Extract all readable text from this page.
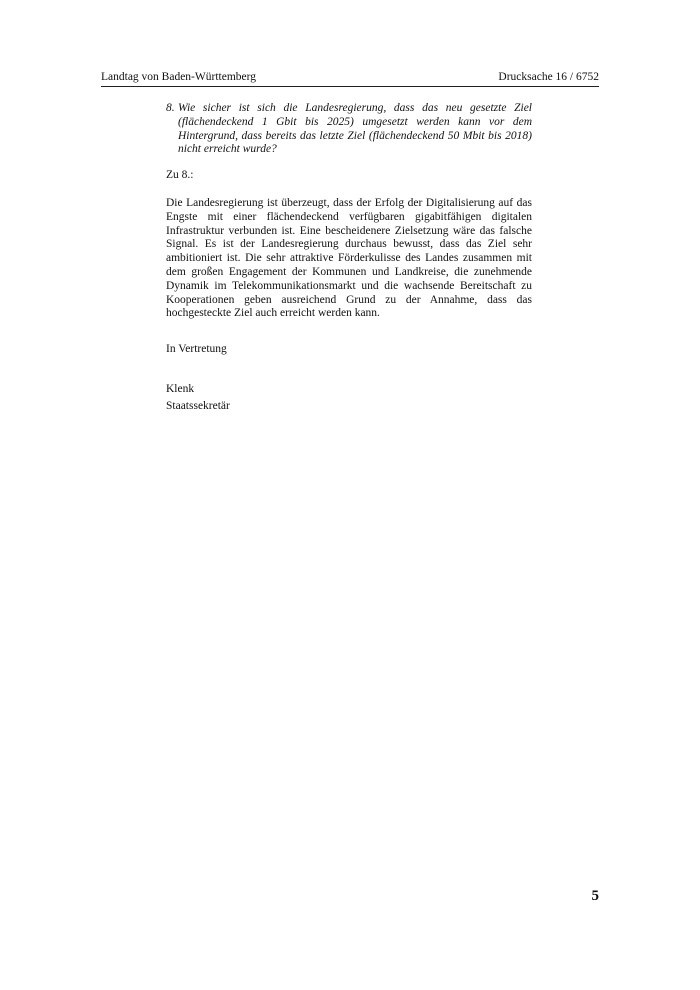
Landtag von Baden-Württemberg	Drucksache 16 / 6752
8. Wie sicher ist sich die Landesregierung, dass das neu gesetzte Ziel (flächendeckend 1 Gbit bis 2025) umgesetzt werden kann vor dem Hintergrund, dass bereits das letzte Ziel (flächendeckend 50 Mbit bis 2018) nicht erreicht wurde?
Zu 8.:
Die Landesregierung ist überzeugt, dass der Erfolg der Digitalisierung auf das Engste mit einer flächendeckend verfügbaren gigabitfähigen digitalen Infrastruktur verbunden ist. Eine bescheidenere Zielsetzung wäre das falsche Signal. Es ist der Landesregierung durchaus bewusst, dass das Ziel sehr ambitioniert ist. Die sehr attraktive Förderkulisse des Landes zusammen mit dem großen Engagement der Kommunen und Landkreise, die zunehmende Dynamik im Telekommunikationsmarkt und die wachsende Bereitschaft zu Kooperationen geben ausreichend Grund zu der Annahme, dass das hochgesteckte Ziel auch erreicht werden kann.
In Vertretung
Klenk
Staatssekretär
5
